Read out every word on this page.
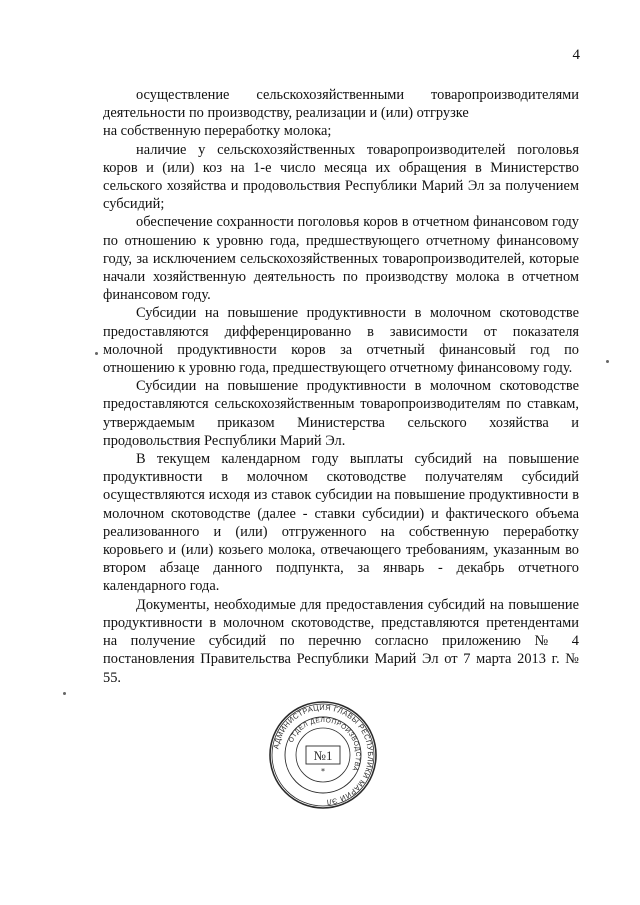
4

осуществление сельскохозяйственными товаропроизводителями деятельности по производству, реализации и (или) отгрузке

на собственную переработку молока;

наличие у сельскохозяйственных товаропроизводителей поголовья коров и (или) коз на 1-е число месяца их обращения в Министерство сельского хозяйства и продовольствия Республики Марий Эл за получением субсидий;

обеспечение сохранности поголовья коров в отчетном финансовом году по отношению к уровню года, предшествующего отчетному финансовому году, за исключением сельскохозяйственных товаропроизводителей, которые начали хозяйственную деятельность по производству молока в отчетном финансовом году.

Субсидии на повышение продуктивности в молочном скотоводстве предоставляются дифференцированно в зависимости от показателя молочной продуктивности коров за отчетный финансовый год по отношению к уровню года, предшествующего отчетному финансовому году.

Субсидии на повышение продуктивности в молочном скотоводстве предоставляются сельскохозяйственным товаропроизводителям по ставкам, утверждаемым приказом Министерства сельского хозяйства и продовольствия Республики Марий Эл.

В текущем календарном году выплаты субсидий на повышение продуктивности в молочном скотоводстве получателям субсидий осуществляются исходя из ставок субсидии на повышение продуктивности в молочном скотоводстве (далее - ставки субсидии) и фактического объема реализованного и (или) отгруженного на собственную переработку коровьего и (или) козьего молока, отвечающего требованиям, указанным во втором абзаце данного подпункта, за январь - декабрь отчетного календарного года.

Документы, необходимые для предоставления субсидий на повышение продуктивности в молочном скотоводстве, представляются претендентами на получение субсидий по перечню согласно приложению № 4 постановления Правительства Республики Марий Эл от 7 марта 2013 г. № 55.

АДМИНИСТРАЦИЯ ГЛАВЫ РЕСПУБЛИКИ МАРИЙ ЭЛ
ОТДЕЛ ДЕЛОПРОИЗВОДСТВА
№1
*
